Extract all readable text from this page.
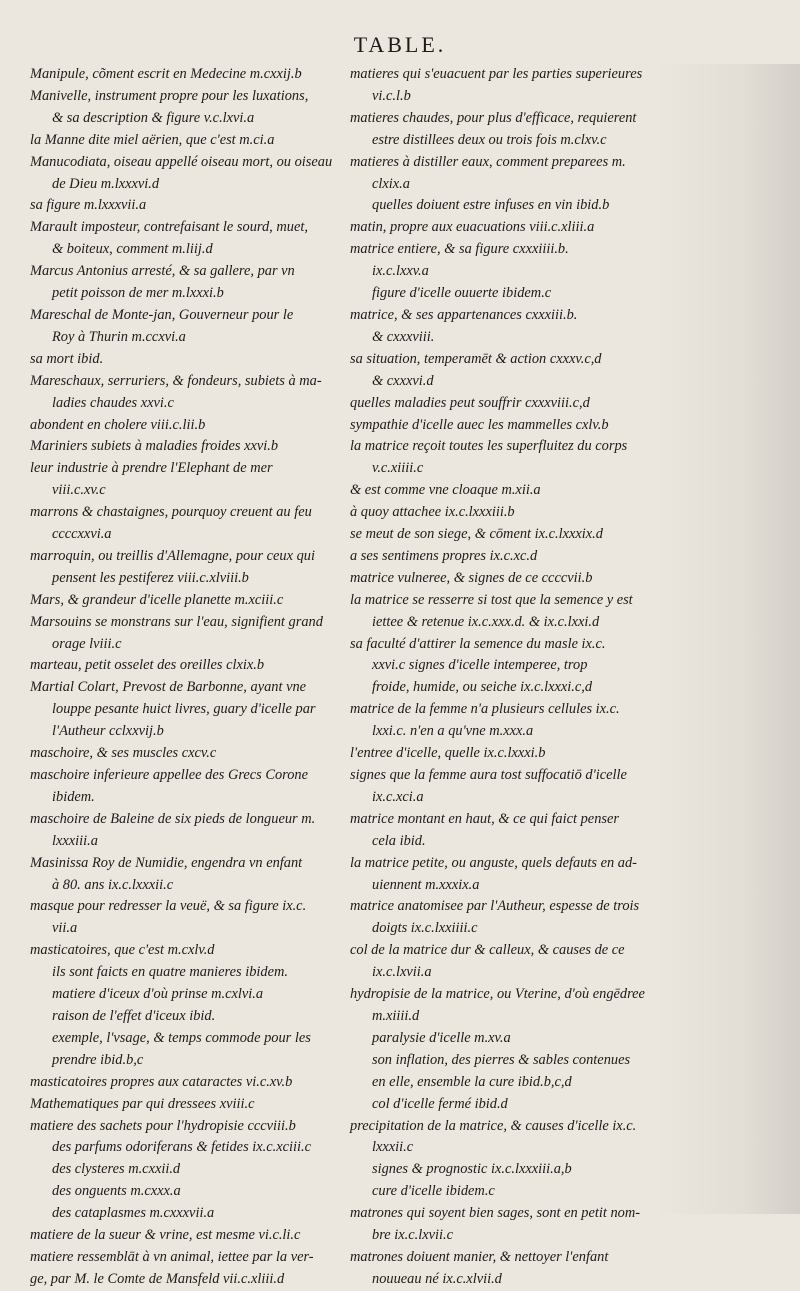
TABLE.
Manipule, cõment escrit en Medecine m.cxxij.b
Manivelle, instrument propre pour les luxations,
& sa description & figure v.c.lxvi.a
la Manne dite miel aërien, que c'est m.ci.a
Manucodiata, oiseau appellé oiseau mort, ou oiseau
de Dieu m.lxxxvi.d
sa figure m.lxxxvii.a
Marault imposteur, contrefaisant le sourd, muet,
& boiteux, comment m.liij.d
Marcus Antonius arresté, & sa gallere, par vn
petit poisson de mer m.lxxxi.b
Mareschal de Monte-jan, Gouverneur pour le
Roy à Thurin m.ccxvi.a
sa mort ibid.
Mareschaux, serruriers, & fondeurs, subiets à ma-
ladies chaudes xxvi.c
abondent en cholere viii.c.lii.b
Mariniers subiets à maladies froides xxvi.b
leur industrie à prendre l'Elephant de mer
viii.c.xv.c
marrons & chastaignes, pourquoy creuent au feu
ccccxxvi.a
marroquin, ou treillis d'Allemagne, pour ceux qui
pensent les pestiferez viii.c.xlviii.b
Mars, & grandeur d'icelle planette m.xciii.c
Marsouins se monstrans sur l'eau, signifient grand
orage lviii.c
marteau, petit osselet des oreilles clxix.b
Martial Colart, Prevost de Barbonne, ayant vne
louppe pesante huict livres, guary d'icelle par
l'Autheur cclxxvij.b
maschoire, & ses muscles cxcv.c
maschoire inferieure appellee des Grecs Corone
ibidem.
maschoire de Baleine de six pieds de longueur m.
lxxxiii.a
Masinissa Roy de Numidie, engendra vn enfant
à 80. ans ix.c.lxxxii.c
masque pour redresser la veuë, & sa figure ix.c.
vii.a
masticatoires, que c'est m.cxlv.d
ils sont faicts en quatre manieres ibidem.
matiere d'iceux d'où prinse m.cxlvi.a
raison de l'effet d'iceux ibid.
exemple, l'vsage, & temps commode pour les
prendre ibid.b,c
masticatoires propres aux cataractes vi.c.xv.b
Mathematiques par qui dressees xviii.c
matiere des sachets pour l'hydropisie cccviii.b
des parfums odoriferans & fetides ix.c.xciii.c
des clysteres m.cxxii.d
des onguents m.cxxx.a
des cataplasmes m.cxxxvii.a
matiere de la sueur & vrine, est mesme vi.c.li.c
matiere ressemblāt à vn animal, iettee par la ver-
ge, par M. le Comte de Mansfeld vii.c.xliii.d
matieres qui s'euacuent par les parties superieures
vi.c.l.b
matieres chaudes, pour plus d'efficace, requierent
estre distillees deux ou trois fois m.clxv.c
matieres à distiller eaux, comment preparees m.
clxix.a
quelles doiuent estre infuses en vin ibid.b
matin, propre aux euacuations viii.c.xliii.a
matrice entiere, & sa figure cxxxiiii.b.
ix.c.lxxv.a
figure d'icelle ouuerte ibidem.c
matrice, & ses appartenances cxxxiii.b.
& cxxxviii.
sa situation, temperamēt & action cxxxv.c,d
& cxxxvi.d
quelles maladies peut souffrir cxxxviii.c,d
sympathie d'icelle auec les mammelles cxlv.b
la matrice reçoit toutes les superfluitez du corps
v.c.xiiii.c
& est comme vne cloaque m.xii.a
à quoy attachee ix.c.lxxxiii.b
se meut de son siege, & cōment ix.c.lxxxix.d
a ses sentimens propres ix.c.xc.d
matrice vulneree, & signes de ce ccccvii.b
la matrice se resserre si tost que la semence y est
iettee & retenue ix.c.xxx.d. & ix.c.lxxi.d
sa faculté d'attirer la semence du masle ix.c.
xxvi.c signes d'icelle intemperee, trop
froide, humide, ou seiche ix.c.lxxxi.c,d
matrice de la femme n'a plusieurs cellules ix.c.
lxxi.c. n'en a qu'vne m.xxx.a
l'entree d'icelle, quelle ix.c.lxxxi.b
signes que la femme aura tost suffocatiō d'icelle
ix.c.xci.a
matrice montant en haut, & ce qui faict penser
cela ibid.
la matrice petite, ou anguste, quels defauts en ad-
uiennent m.xxxix.a
matrice anatomisee par l'Autheur, espesse de trois
doigts ix.c.lxxiiii.c
col de la matrice dur & calleux, & causes de ce
ix.c.lxvii.a
hydropisie de la matrice, ou Vterine, d'où engēdree
m.xiiii.d
paralysie d'icelle m.xv.a
son inflation, des pierres & sables contenues
en elle, ensemble la cure ibid.b,c,d
col d'icelle fermé ibid.d
precipitation de la matrice, & causes d'icelle ix.c.
lxxxii.c
signes & prognostic ix.c.lxxxiii.a,b
cure d'icelle ibidem.c
matrones qui soyent bien sages, sont en petit nom-
bre ix.c.lxvii.c
matrones doiuent manier, & nettoyer l'enfant
nouueau né ix.c.xlvii.d
